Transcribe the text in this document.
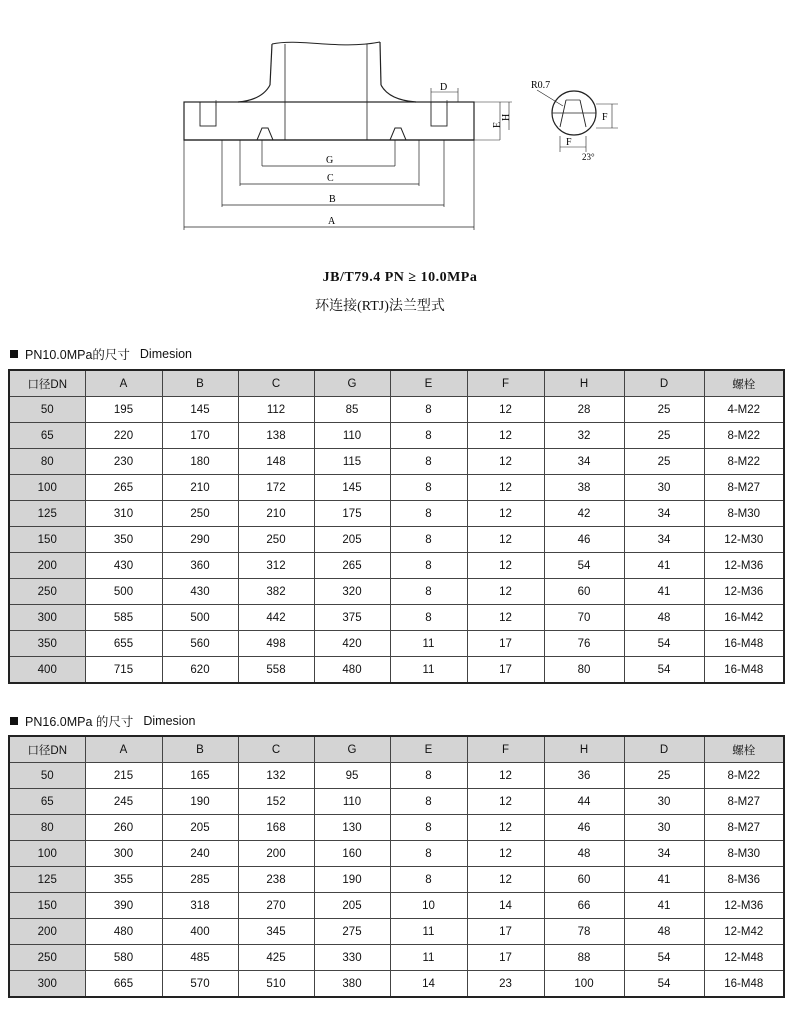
G
C
B
A
D
E
H
R0.7
F
F
23°
JB/T79.4 PN ≥ 10.0MPa
环连接(RTJ)法兰型式
PN10.0MPa的尺寸 Dimesion
口径DN	A	B	C	G	E	F	H	D	螺栓
50	195	145	112	85	8	12	28	25	4-M22
65	220	170	138	110	8	12	32	25	8-M22
80	230	180	148	115	8	12	34	25	8-M22
100	265	210	172	145	8	12	38	30	8-M27
125	310	250	210	175	8	12	42	34	8-M30
150	350	290	250	205	8	12	46	34	12-M30
200	430	360	312	265	8	12	54	41	12-M36
250	500	430	382	320	8	12	60	41	12-M36
300	585	500	442	375	8	12	70	48	16-M42
350	655	560	498	420	11	17	76	54	16-M48
400	715	620	558	480	11	17	80	54	16-M48
PN16.0MPa 的尺寸 Dimesion
口径DN	A	B	C	G	E	F	H	D	螺栓
50	215	165	132	95	8	12	36	25	8-M22
65	245	190	152	110	8	12	44	30	8-M27
80	260	205	168	130	8	12	46	30	8-M27
100	300	240	200	160	8	12	48	34	8-M30
125	355	285	238	190	8	12	60	41	8-M36
150	390	318	270	205	10	14	66	41	12-M36
200	480	400	345	275	11	17	78	48	12-M42
250	580	485	425	330	11	17	88	54	12-M48
300	665	570	510	380	14	23	100	54	16-M48
